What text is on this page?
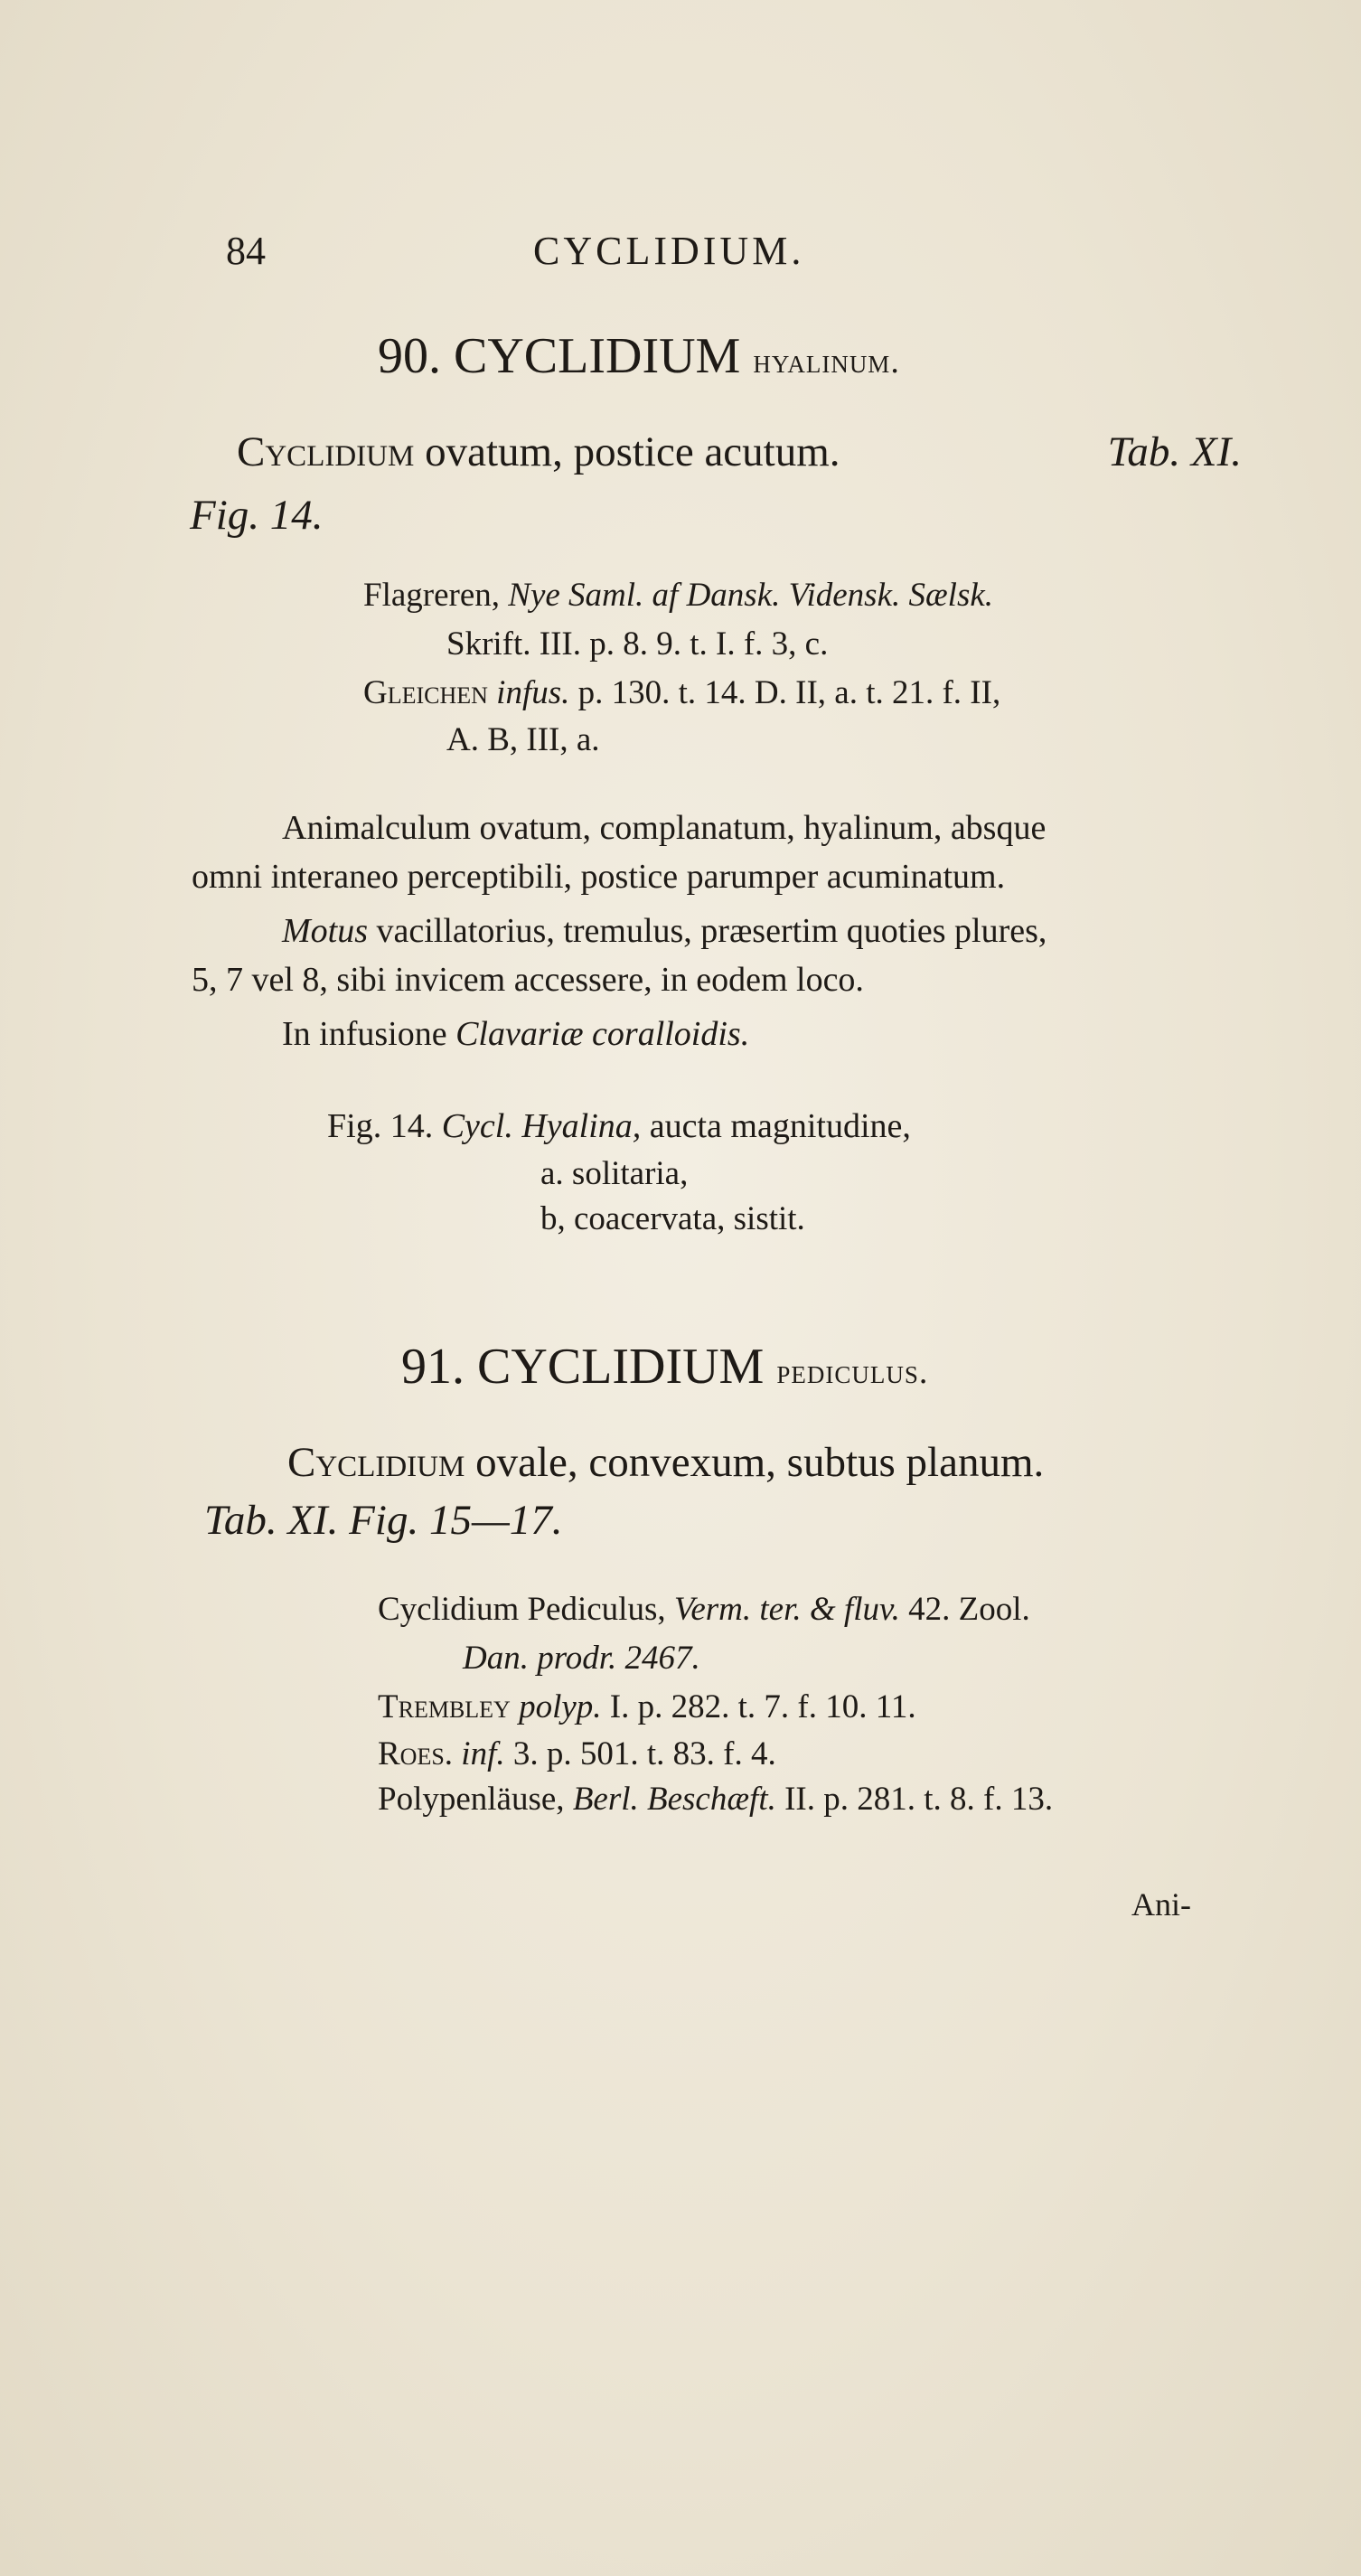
84	CYCLIDIUM.
90. CYCLIDIUM hyalinum.
Cyclidium ovatum, postice acutum.	Tab. XI.
Fig. 14.
Flagreren, Nye Saml. af Dansk. Vidensk. Sælsk.
Skrift. III. p. 8. 9. t. I. f. 3, c.
Gleichen infus. p. 130. t. 14. D. II, a. t. 21. f. II,
A. B, III, a.
Animalculum ovatum, complanatum, hyalinum, absque
omni interaneo perceptibili, postice parumper acuminatum.
Motus vacillatorius, tremulus, præsertim quoties plures,
5, 7 vel 8, sibi invicem accessere, in eodem loco.
In infusione Clavariæ coralloidis.
Fig. 14. Cycl. Hyalina, aucta magnitudine,
a. solitaria,
b, coacervata, sistit.
91. CYCLIDIUM pediculus.
Cyclidium ovale, convexum, subtus planum.
Tab. XI. Fig. 15—17.
Cyclidium Pediculus, Verm. ter. & fluv. 42. Zool.
Dan. prodr. 2467.
Trembley polyp. I. p. 282. t. 7. f. 10. 11.
Roes. inf. 3. p. 501. t. 83. f. 4.
Polypenläuse, Berl. Beschæft. II. p. 281. t. 8. f. 13.
Ani-
